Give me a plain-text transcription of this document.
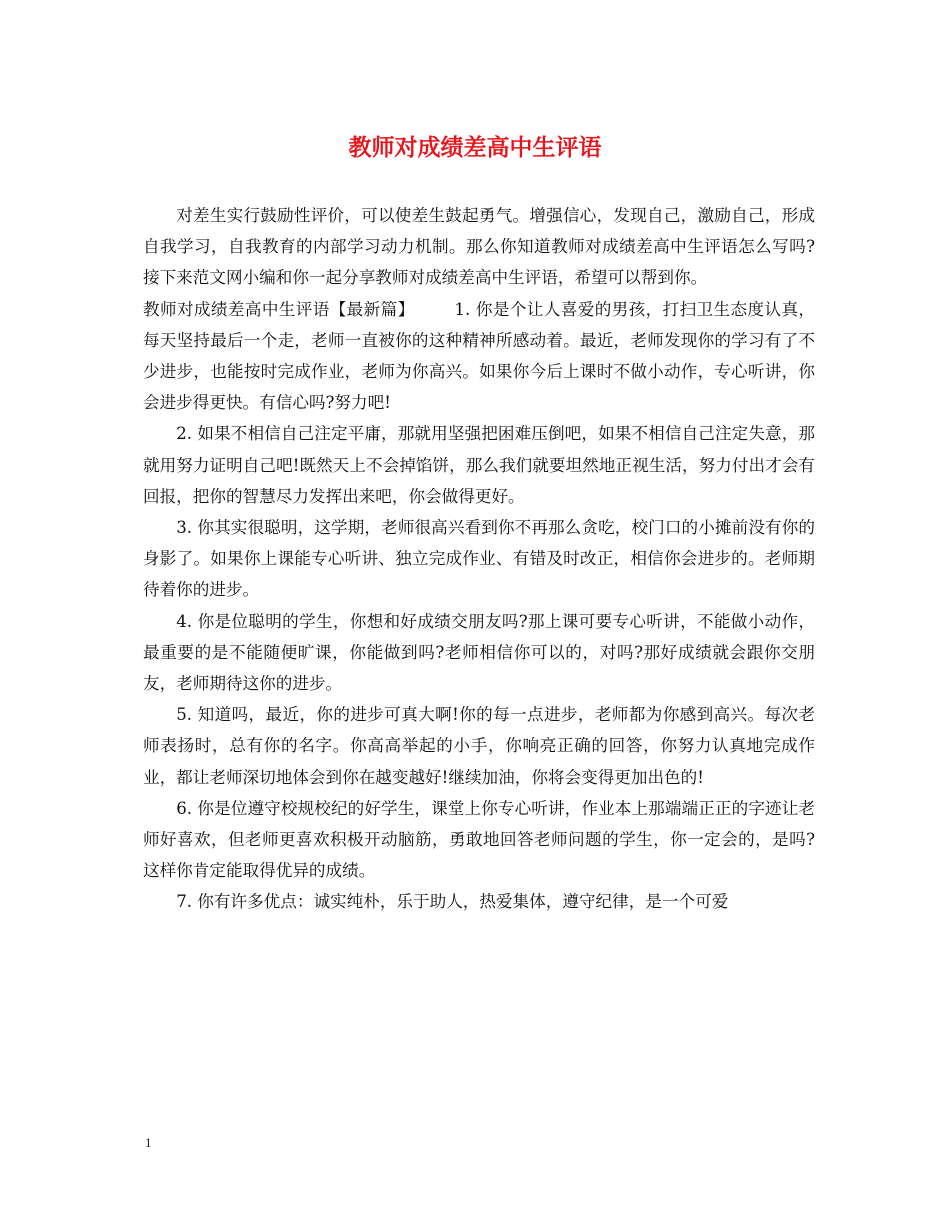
教师对成绩差高中生评语

对差生实行鼓励性评价，可以使差生鼓起勇气。增强信心，发现自己，激励自己，形成自我学习，自我教育的内部学习动力机制。那么你知道教师对成绩差高中生评语怎么写吗?接下来范文网小编和你一起分享教师对成绩差高中生评语，希望可以帮到你。

教师对成绩差高中生评语【最新篇】 1. 你是个让人喜爱的男孩，打扫卫生态度认真，每天坚持最后一个走，老师一直被你的这种精神所感动着。最近，老师发现你的学习有了不少进步，也能按时完成作业，老师为你高兴。如果你今后上课时不做小动作，专心听讲，你会进步得更快。有信心吗?努力吧!

2. 如果不相信自己注定平庸，那就用坚强把困难压倒吧，如果不相信自己注定失意，那就用努力证明自己吧!既然天上不会掉馅饼，那么我们就要坦然地正视生活，努力付出才会有回报，把你的智慧尽力发挥出来吧，你会做得更好。

3. 你其实很聪明，这学期，老师很高兴看到你不再那么贪吃，校门口的小摊前没有你的身影了。如果你上课能专心听讲、独立完成作业、有错及时改正，相信你会进步的。老师期待着你的进步。

4. 你是位聪明的学生，你想和好成绩交朋友吗?那上课可要专心听讲，不能做小动作，最重要的是不能随便旷课，你能做到吗?老师相信你可以的，对吗?那好成绩就会跟你交朋友，老师期待这你的进步。

5. 知道吗，最近，你的进步可真大啊!你的每一点进步，老师都为你感到高兴。每次老师表扬时，总有你的名字。你高高举起的小手，你响亮正确的回答，你努力认真地完成作业，都让老师深切地体会到你在越变越好!继续加油，你将会变得更加出色的!

6. 你是位遵守校规校纪的好学生，课堂上你专心听讲，作业本上那端端正正的字迹让老师好喜欢，但老师更喜欢积极开动脑筋，勇敢地回答老师问题的学生，你一定会的，是吗?这样你肯定能取得优异的成绩。

7. 你有许多优点：诚实纯朴，乐于助人，热爱集体，遵守纪律，是一个可爱

1
